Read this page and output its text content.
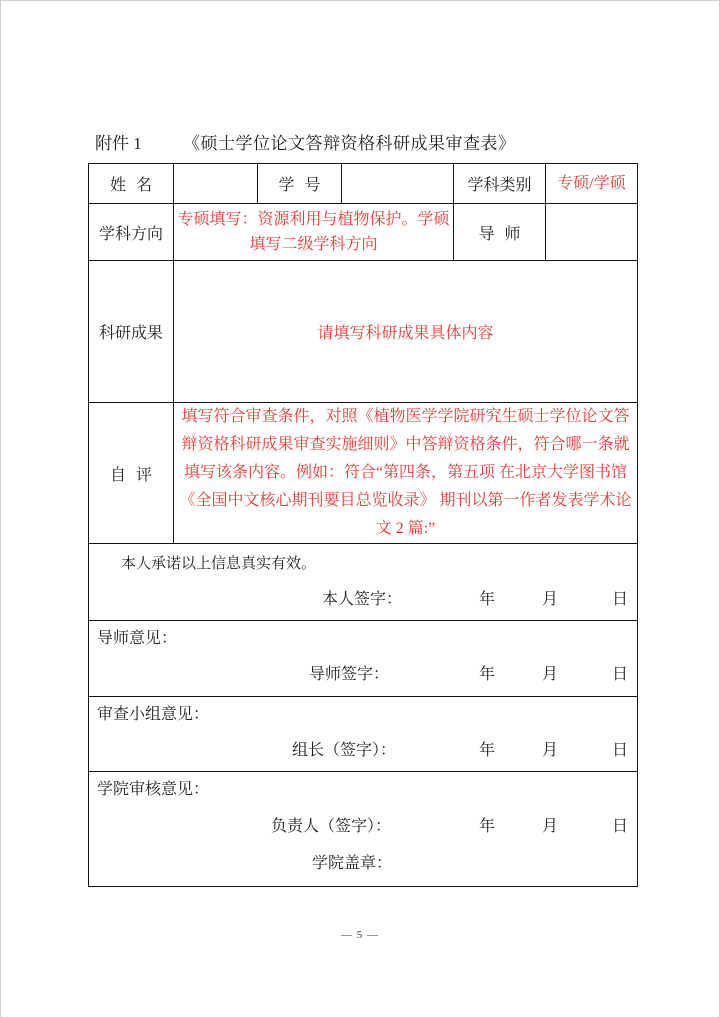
附件 1 《硕士学位论文答辩资格科研成果审查表》
姓名		学号		学科类别	专硕/学硕
学科方向	专硕填写：资源利用与植物保护。学硕填写二级学科方向			导师	
科研成果	请填写科研成果具体内容				
自评	填写符合审查条件，对照《植物医学学院研究生硕士学位论文答辩资格科研成果审查实施细则》中答辩资格条件，符合哪一条就填写该条内容。例如：符合“第四条，第五项 在北京大学图书馆《全国中文核心期刊要目总览收录》 期刊以第一作者发表学术论文 2 篇:”				

本人承诺以上信息真实有效。
本人签字： 年 月 日					

导师意见：
导师签字： 年 月 日					

审查小组意见：
组长（签字）： 年 月 日					

学院审核意见：
负责人（签字）：	年	月	日
学院盖章：
— 5 —
